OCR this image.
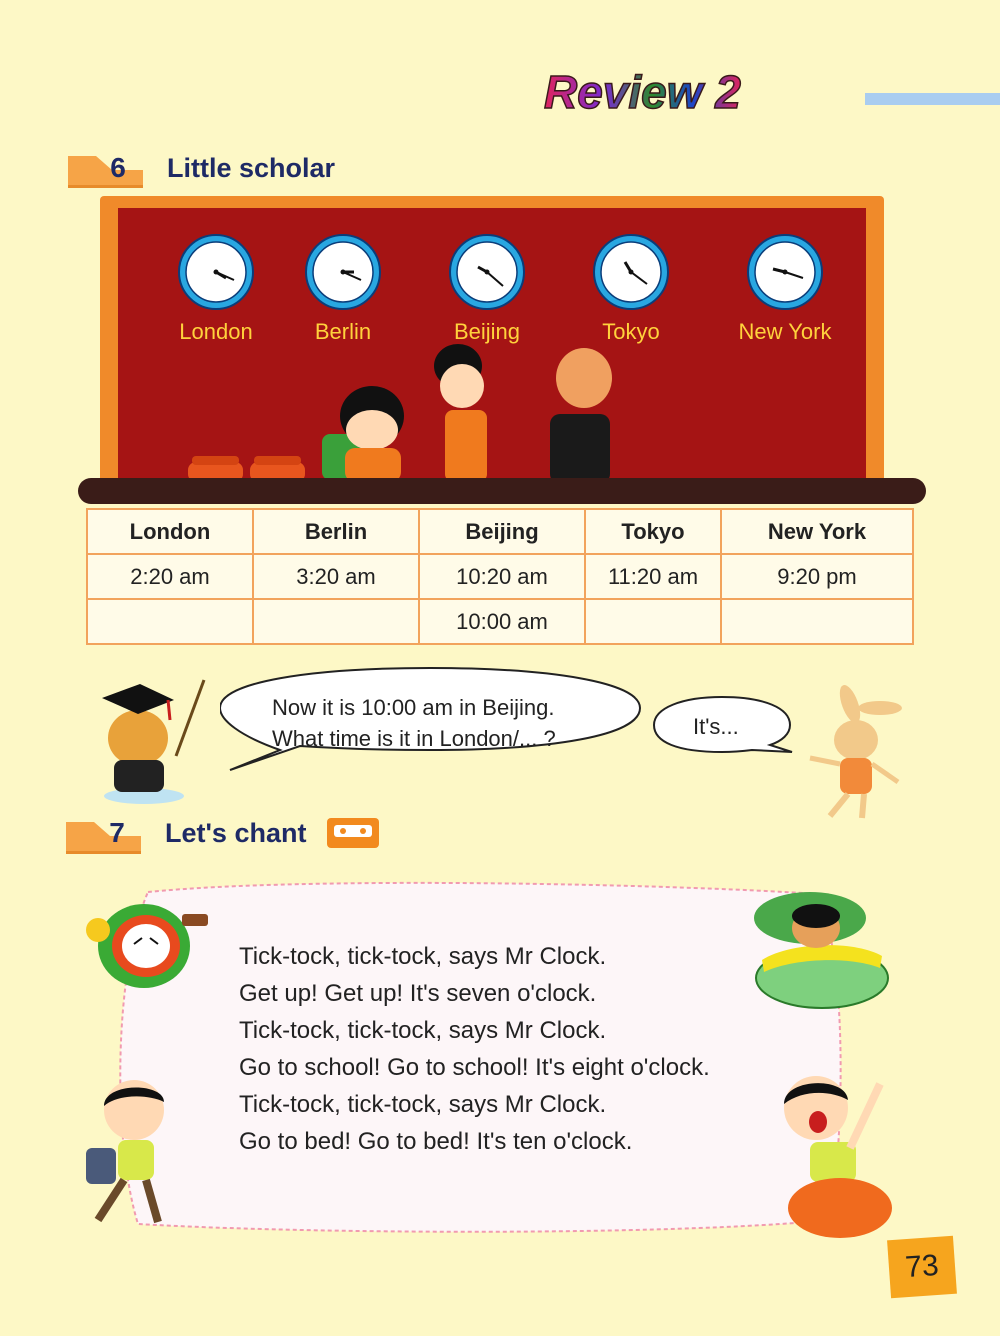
Review 2
6 Little scholar
London	Berlin	Beijing	Tokyo	New York
London	Berlin	Beijing	Tokyo	New York
2:20 am	3:20 am	10:20 am	11:20 am	9:20 pm
		10:00 am		
Now it is 10:00 am in Beijing.
What time is it in London/... ?	It's...
7 Let's chant
Tick-tock, tick-tock, says Mr Clock.
Get up! Get up! It's seven o'clock.
Tick-tock, tick-tock, says Mr Clock.
Go to school! Go to school! It's eight o'clock.
Tick-tock, tick-tock, says Mr Clock.
Go to bed! Go to bed! It's ten o'clock.
73
